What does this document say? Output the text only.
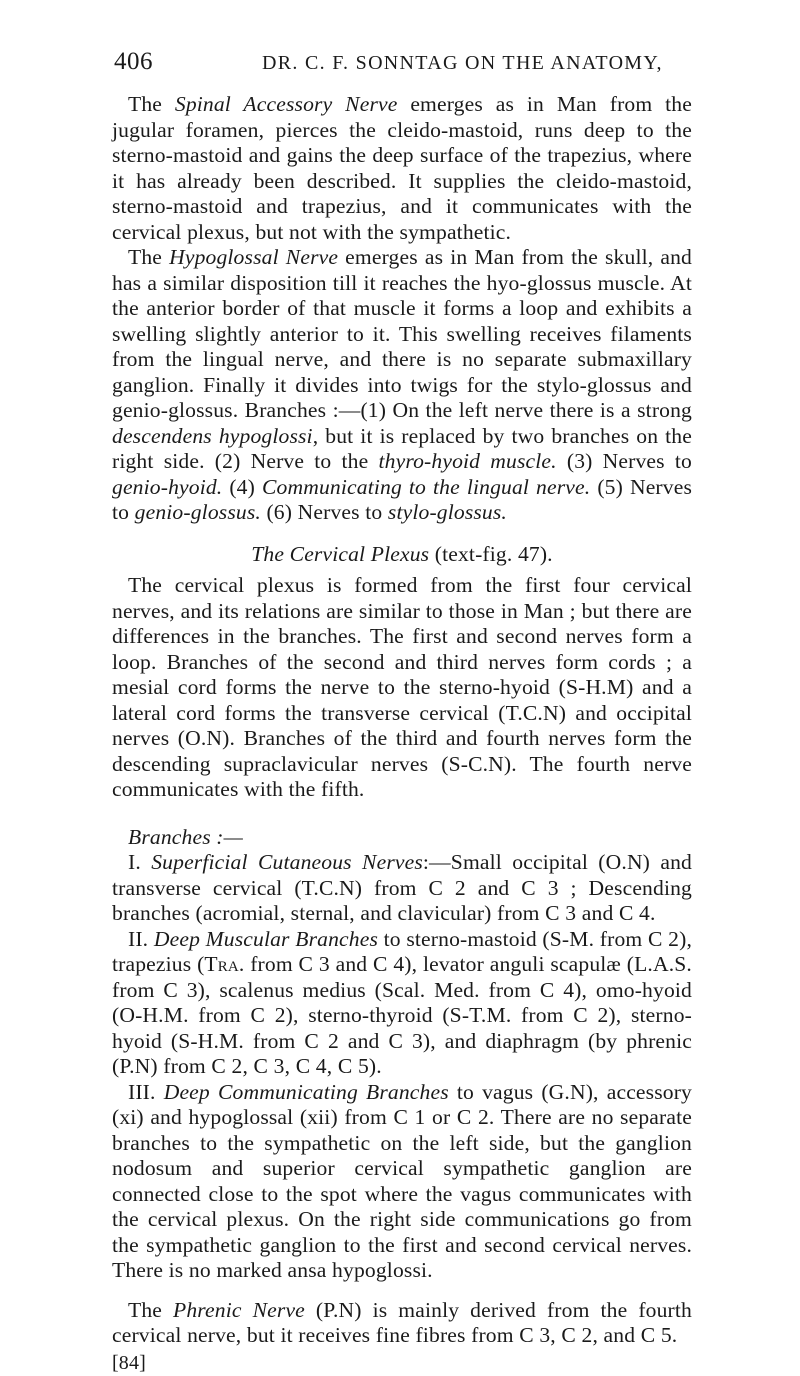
406	DR. C. F. SONNTAG ON THE ANATOMY,

The Spinal Accessory Nerve emerges as in Man from the jugular foramen, pierces the cleido-mastoid, runs deep to the sterno-mastoid and gains the deep surface of the trapezius, where it has already been described. It supplies the cleido-mastoid, sterno-mastoid and trapezius, and it communicates with the cervical plexus, but not with the sympathetic.

The Hypoglossal Nerve emerges as in Man from the skull, and has a similar disposition till it reaches the hyo-glossus muscle. At the anterior border of that muscle it forms a loop and exhibits a swelling slightly anterior to it. This swelling receives filaments from the lingual nerve, and there is no separate submaxillary ganglion. Finally it divides into twigs for the stylo-glossus and genio-glossus. Branches :—(1) On the left nerve there is a strong descendens hypoglossi, but it is replaced by two branches on the right side. (2) Nerve to the thyro-hyoid muscle. (3) Nerves to genio-hyoid. (4) Communicating to the lingual nerve. (5) Nerves to genio-glossus. (6) Nerves to stylo-glossus.

The Cervical Plexus (text-fig. 47).

The cervical plexus is formed from the first four cervical nerves, and its relations are similar to those in Man ; but there are differences in the branches. The first and second nerves form a loop. Branches of the second and third nerves form cords ; a mesial cord forms the nerve to the sterno-hyoid (S-H.M) and a lateral cord forms the transverse cervical (T.C.N) and occipital nerves (O.N). Branches of the third and fourth nerves form the descending supraclavicular nerves (S-C.N). The fourth nerve communicates with the fifth.

Branches :—

I. Superficial Cutaneous Nerves:—Small occipital (O.N) and transverse cervical (T.C.N) from C 2 and C 3 ; Descending branches (acromial, sternal, and clavicular) from C 3 and C 4.

II. Deep Muscular Branches to sterno-mastoid (S-M. from C 2), trapezius (Tra. from C 3 and C 4), levator anguli scapulæ (L.A.S. from C 3), scalenus medius (Scal. Med. from C 4), omo-hyoid (O-H.M. from C 2), sterno-thyroid (S-T.M. from C 2), sterno-hyoid (S-H.M. from C 2 and C 3), and diaphragm (by phrenic (P.N) from C 2, C 3, C 4, C 5).

III. Deep Communicating Branches to vagus (G.N), accessory (xi) and hypoglossal (xii) from C 1 or C 2. There are no separate branches to the sympathetic on the left side, but the ganglion nodosum and superior cervical sympathetic ganglion are connected close to the spot where the vagus communicates with the cervical plexus. On the right side communications go from the sympathetic ganglion to the first and second cervical nerves. There is no marked ansa hypoglossi.

The Phrenic Nerve (P.N) is mainly derived from the fourth cervical nerve, but it receives fine fibres from C 3, C 2, and C 5.

[84]
